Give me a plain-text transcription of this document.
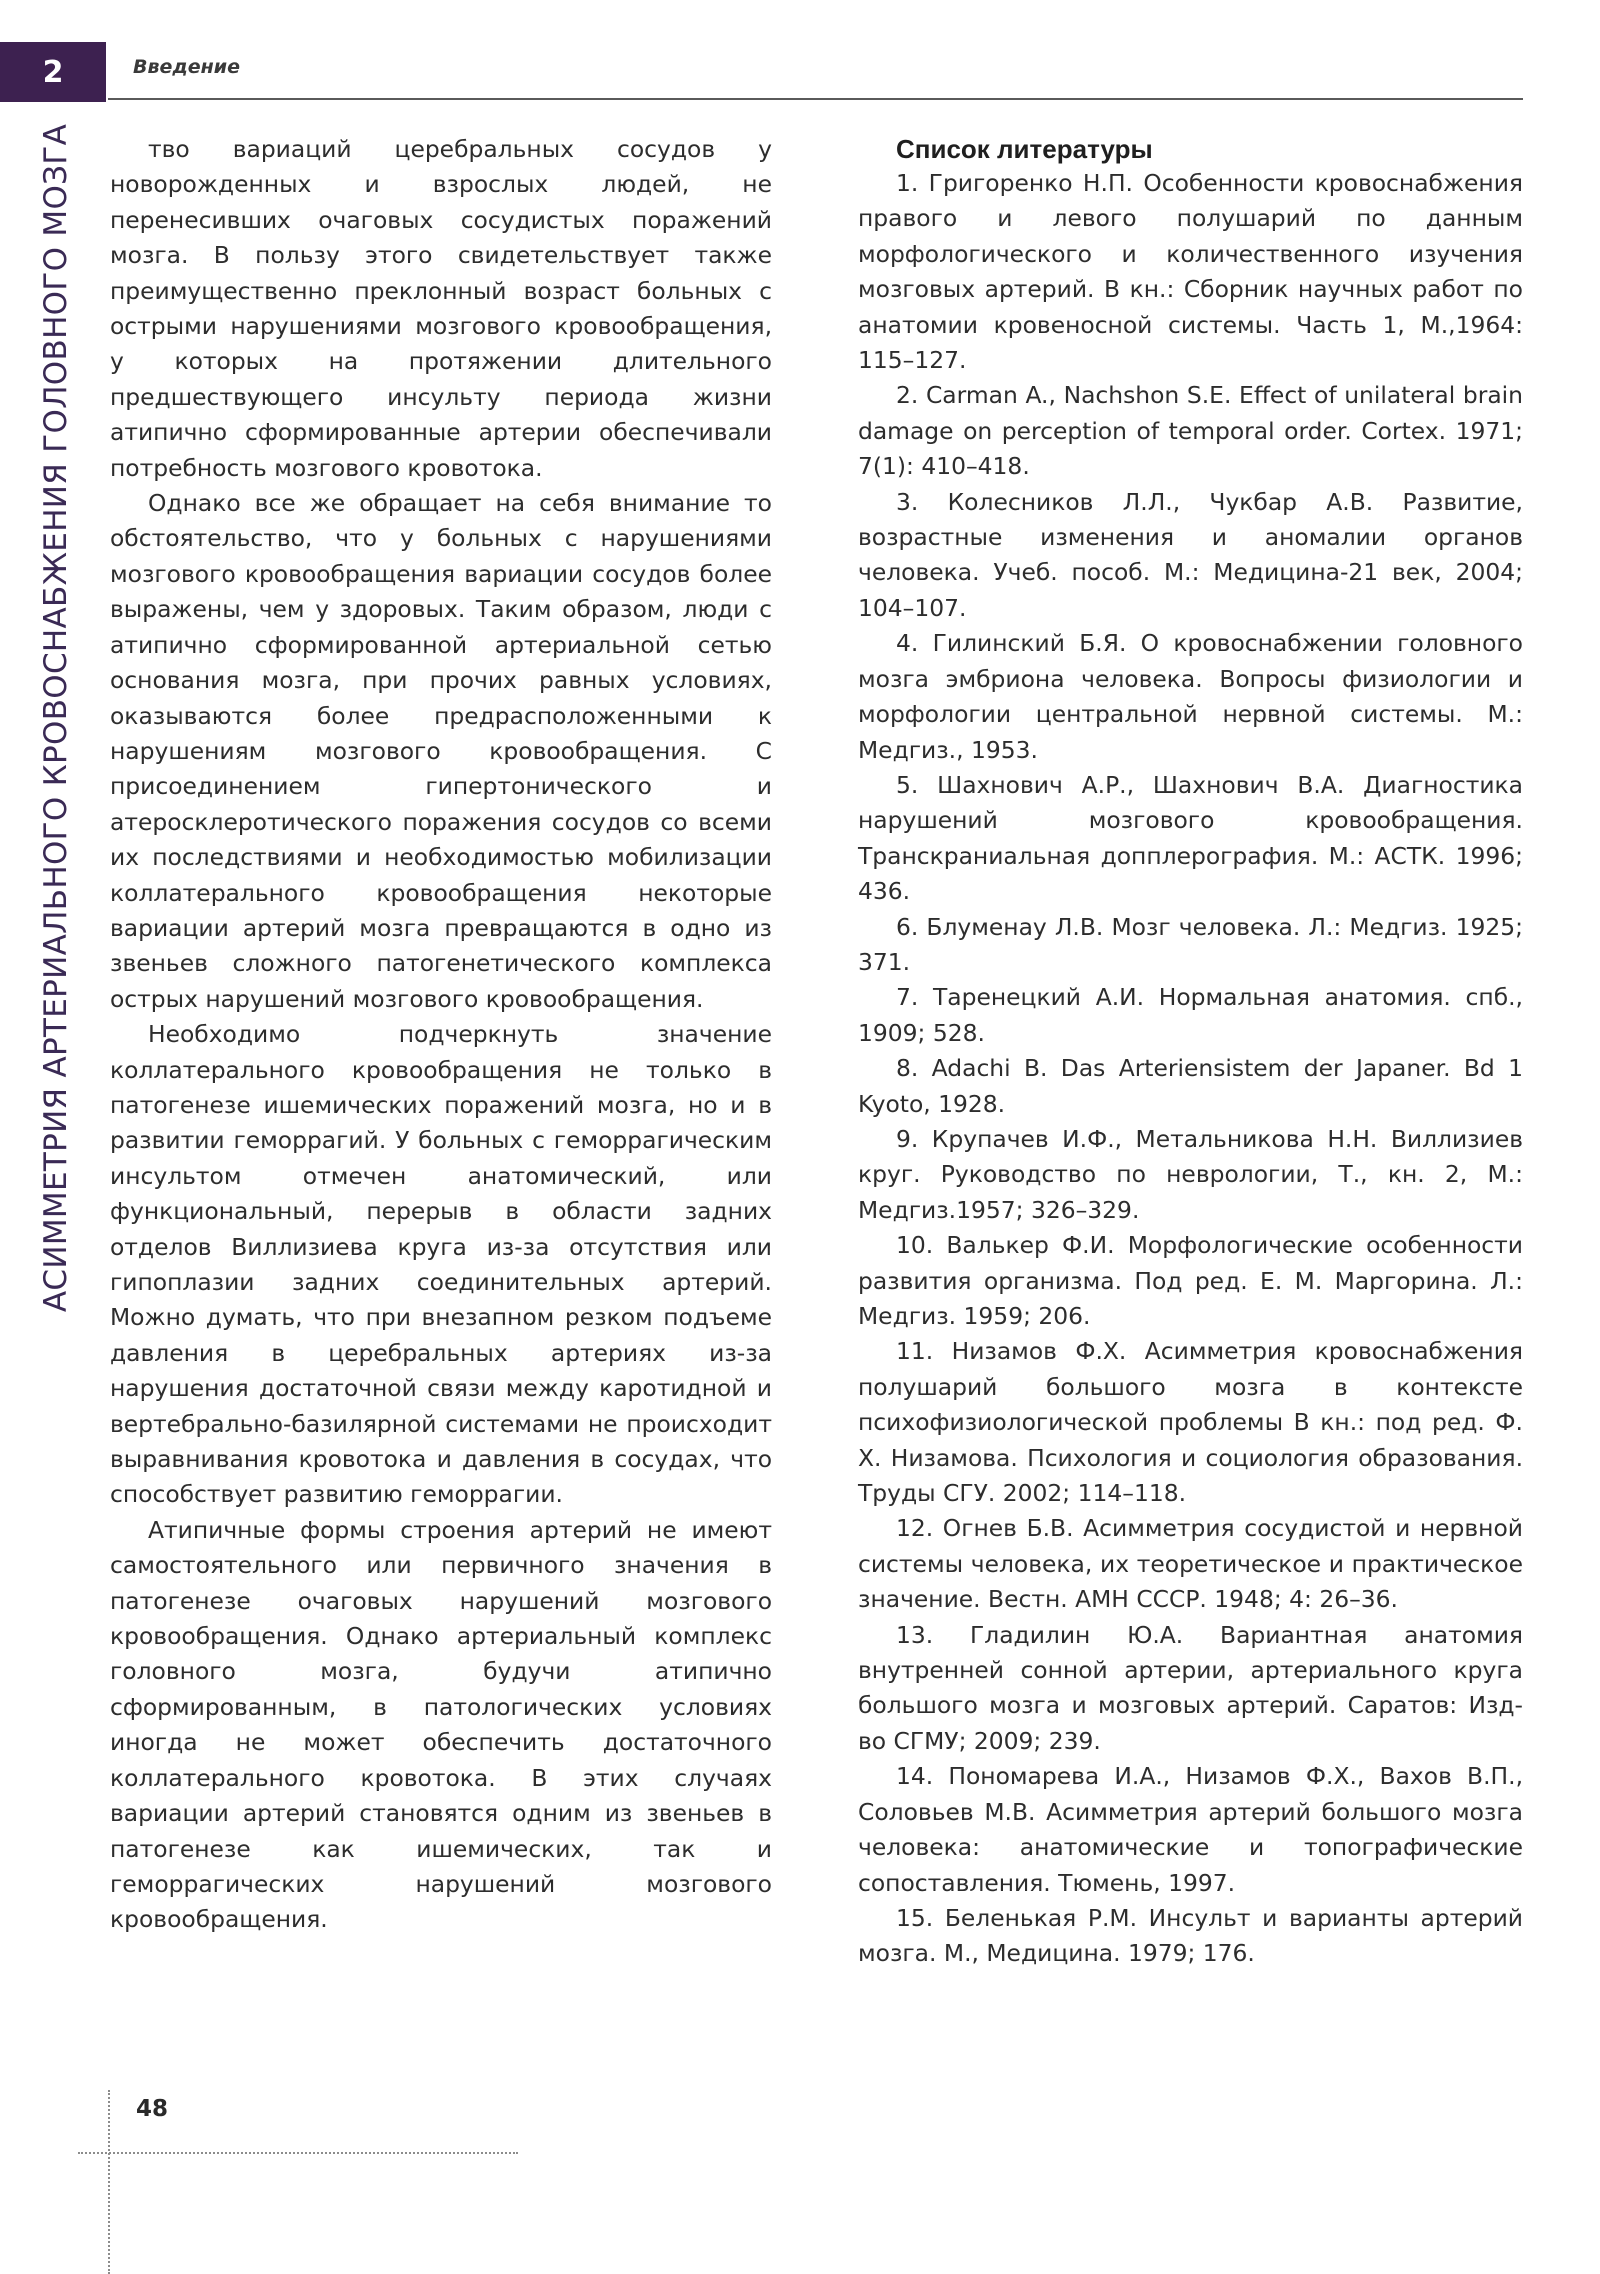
2	Введение
АСИММЕТРИЯ АРТЕРИАЛЬНОГО КРОВОСНАБЖЕНИЯ ГОЛОВНОГО МОЗГА	тво вариаций церебральных сосудов у новорожденных и взрослых людей, не перенесивших очаговых сосудистых поражений мозга. В пользу этого свидетельствует также преимущественно преклонный возраст больных с острыми нарушениями мозгового кровообращения, у которых на протяжении длительного предшествующего инсульту периода жизни атипично сформированные артерии обеспечивали потребность мозгового кровотока.

Однако все же обращает на себя внимание то обстоятельство, что у больных с нарушениями мозгового кровообращения вариации сосудов более выражены, чем у здоровых. Таким образом, люди с атипично сформированной артериальной сетью основания мозга, при прочих равных условиях, оказываются более предрасположенными к нарушениям мозгового кровообращения. С присоединением гипертонического и атеросклеротического поражения сосудов со всеми их последствиями и необходимостью мобилизации коллатерального кровообращения некоторые вариации артерий мозга превращаются в одно из звеньев сложного патогенетического комплекса острых нарушений мозгового кровообращения.

Необходимо подчеркнуть значение коллатерального кровообращения не только в патогенезе ишемических поражений мозга, но и в развитии геморрагий. У больных с геморрагическим инсультом отмечен анатомический, или функциональный, перерыв в области задних отделов Виллизиева круга из-за отсутствия или гипоплазии задних соединительных артерий. Можно думать, что при внезапном резком подъеме давления в церебральных артериях из-за нарушения достаточной связи между каротидной и вертебрально-базилярной системами не происходит выравнивания кровотока и давления в сосудах, что способствует развитию геморрагии.

Атипичные формы строения артерий не имеют самостоятельного или первичного значения в патогенезе очаговых нарушений мозгового кровообращения. Однако артериальный комплекс головного мозга, будучи атипично сформированным, в патологических условиях иногда не может обеспечить достаточного коллатерального кровотока. В этих случаях вариации артерий становятся одним из звеньев в патогенезе как ишемических, так и геморрагических нарушений мозгового кровообращения.

Список литературы

1. Григоренко Н.П. Особенности кровоснабжения правого и левого полушарий по данным морфологического и количественного изучения мозговых артерий. В кн.: Сборник научных работ по анатомии кровеносной системы. Часть 1, М.,1964: 115–127.

2. Carman A., Nachshon S.E. Effect of unilateral brain damage on perception of temporal order. Cortex. 1971; 7(1): 410–418.

3. Колесников Л.Л., Чукбар А.В. Развитие, возрастные изменения и аномалии органов человека. Учеб. пособ. М.: Медицина-21 век, 2004; 104–107.

4. Гилинский Б.Я. О кровоснабжении головного мозга эмбриона человека. Вопросы физиологии и морфологии центральной нервной системы. М.: Медгиз., 1953.

5. Шахнович А.Р., Шахнович В.А. Диагностика нарушений мозгового кровообращения. Транскраниальная допплерография. М.: АСТК. 1996; 436.

6. Блуменау Л.В. Мозг человека. Л.: Медгиз. 1925; 371.

7. Таренецкий А.И. Нормальная анатомия. спб., 1909; 528.

8. Adachi B. Das Arteriensistem der Japaner. Bd 1 Kyoto, 1928.

9. Крупачев И.Ф., Метальникова Н.Н. Виллизиев круг. Руководство по неврологии, Т., кн. 2, М.: Медгиз.1957; 326–329.

10. Валькер Ф.И. Морфологические особенности развития организма. Под ред. Е. М. Маргорина. Л.: Медгиз. 1959; 206.

11. Низамов Ф.Х. Асимметрия кровоснабжения полушарий большого мозга в контексте психофизиологической проблемы В кн.: под ред. Ф. Х. Низамова. Психология и социология образования. Труды СГУ. 2002; 114–118.

12. Огнев Б.В. Асимметрия сосудистой и нервной системы человека, их теоретическое и практическое значение. Вестн. АМН СССР. 1948; 4: 26–36.

13. Гладилин Ю.А. Вариантная анатомия внутренней сонной артерии, артериального круга большого мозга и мозговых артерий. Саратов: Изд-во СГМУ; 2009; 239.

14. Пономарева И.А., Низамов Ф.Х., Вахов В.П., Соловьев М.В. Асимметрия артерий большого мозга человека: анатомические и топографические сопоставления. Тюмень, 1997.

15. Беленькая Р.М. Инсульт и варианты артерий мозга. М., Медицина. 1979; 176.

48
